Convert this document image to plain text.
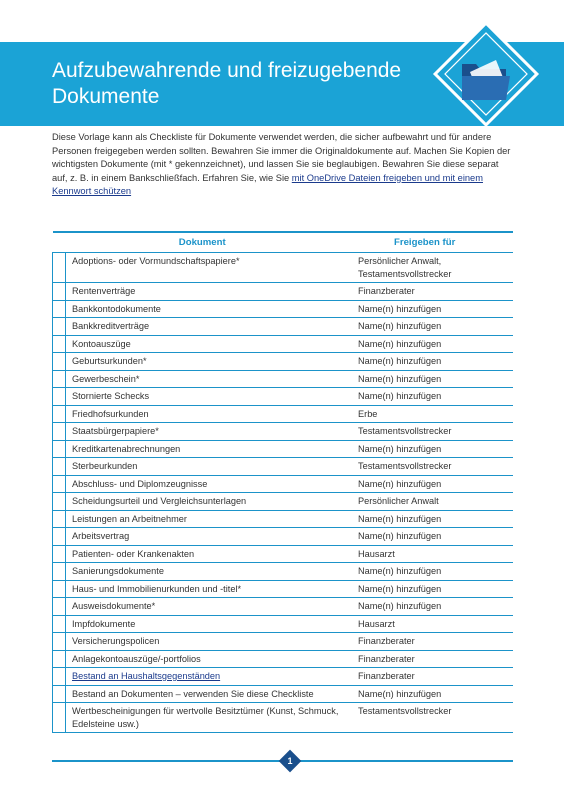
Aufzubewahrende und freizugebende
Dokumente
Diese Vorlage kann als Checkliste für Dokumente verwendet werden, die sicher aufbewahrt und für andere Personen freigegeben werden sollten. Bewahren Sie immer die Originaldokumente auf. Machen Sie Kopien der wichtigsten Dokumente (mit * gekennzeichnet), und lassen Sie sie beglaubigen. Bewahren Sie diese separat auf, z. B. in einem Bankschließfach. Erfahren Sie, wie Sie mit OneDrive Dateien freigeben und mit einem Kennwort schützen
Dokument		Freigeben für
	Adoptions- oder Vormundschaftspapiere*	Persönlicher Anwalt, Testamentsvollstrecker
	Rentenverträge	Finanzberater
	Bankkontodokumente	Name(n) hinzufügen
	Bankkreditverträge	Name(n) hinzufügen
	Kontoauszüge	Name(n) hinzufügen
	Geburtsurkunden*	Name(n) hinzufügen
	Gewerbeschein*	Name(n) hinzufügen
	Stornierte Schecks	Name(n) hinzufügen
	Friedhofsurkunden	Erbe
	Staatsbürgerpapiere*	Testamentsvollstrecker
	Kreditkartenabrechnungen	Name(n) hinzufügen
	Sterbeurkunden	Testamentsvollstrecker
	Abschluss- und Diplomzeugnisse	Name(n) hinzufügen
	Scheidungsurteil und Vergleichsunterlagen	Persönlicher Anwalt
	Leistungen an Arbeitnehmer	Name(n) hinzufügen
	Arbeitsvertrag	Name(n) hinzufügen
	Patienten- oder Krankenakten	Hausarzt
	Sanierungsdokumente	Name(n) hinzufügen
	Haus- und Immobilienurkunden und -titel*	Name(n) hinzufügen
	Ausweisdokumente*	Name(n) hinzufügen
	Impfdokumente	Hausarzt
	Versicherungspolicen	Finanzberater
	Anlagekontoauszüge/-portfolios	Finanzberater
	Bestand an Haushaltsgegenständen	Finanzberater
	Bestand an Dokumenten – verwenden Sie diese Checkliste	Name(n) hinzufügen
	Wertbescheinigungen für wertvolle Besitztümer (Kunst, Schmuck, Edelsteine usw.)	Testamentsvollstrecker
1
